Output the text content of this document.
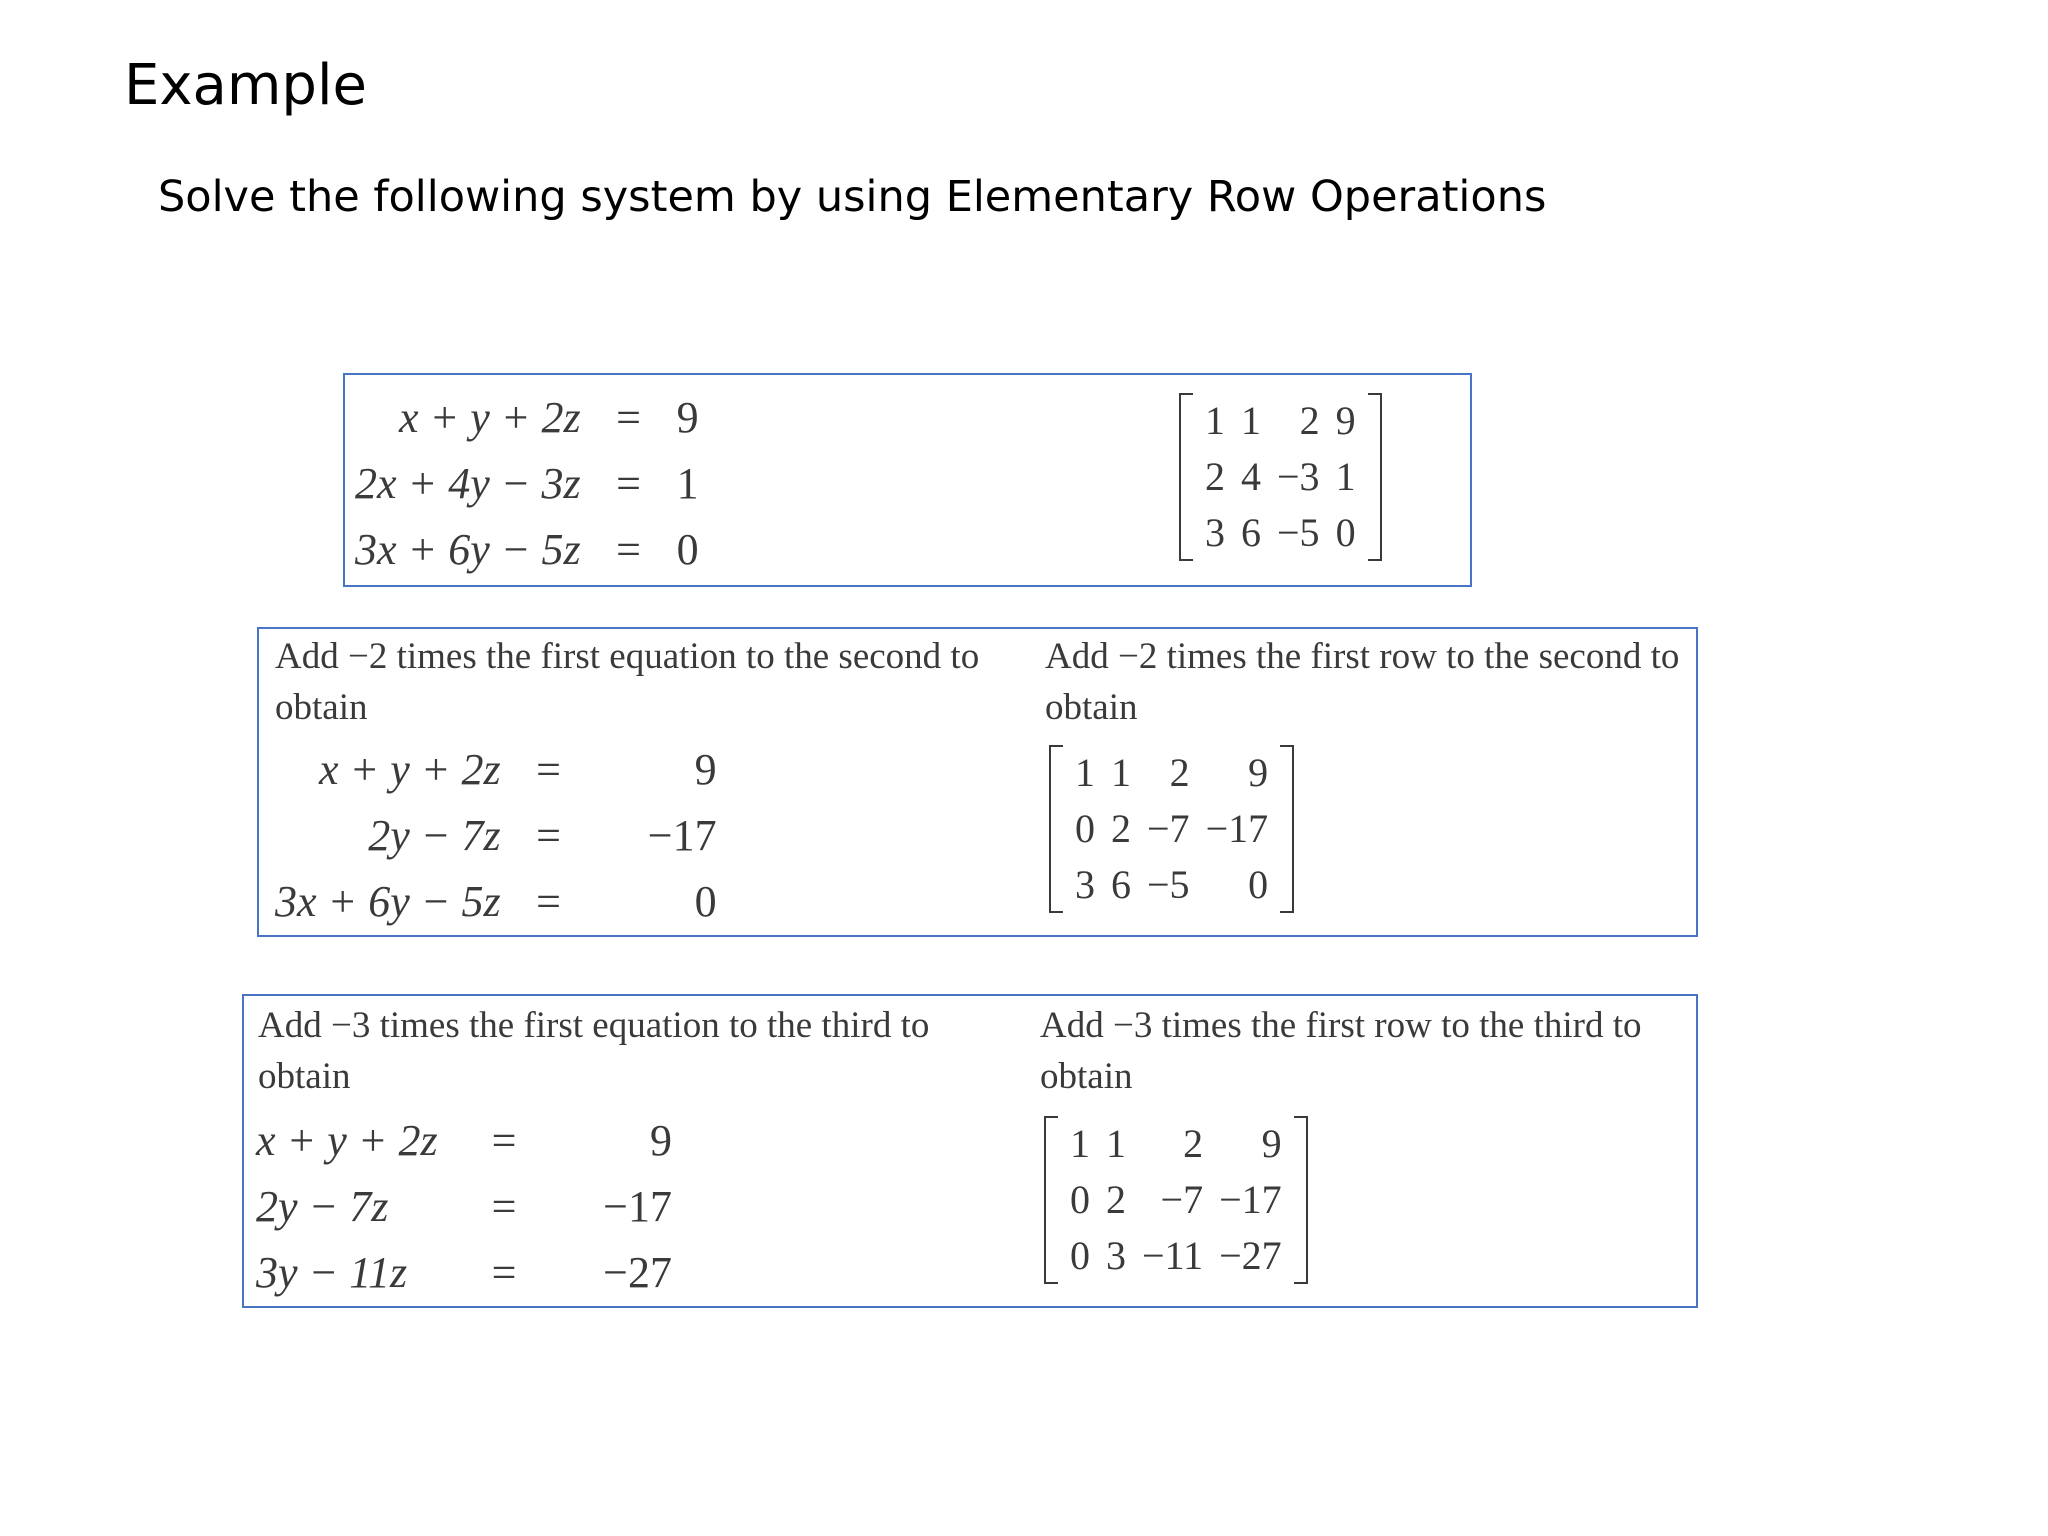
Example
Solve the following system by using Elementary Row Operations
x + y + 2z	=	9
2x + 4y − 3z	=	1
3x + 6y − 5z	=	0
1	1	2	9
2	4	−3	1
3	6	−5	0
Add −2 times the first equation to the second to obtain
Add −2 times the first row to the second to obtain
x + y + 2z	=	9
2y − 7z	=	−17
3x + 6y − 5z	=	0
1	1	2	9
0	2	−7	−17
3	6	−5	0
Add −3 times the first equation to the third to obtain
Add −3 times the first row to the third to obtain
x + y + 2z	=	9
2y − 7z	=	−17
3y − 11z	=	−27
1	1	2	9
0	2	−7	−17
0	3	−11	−27
